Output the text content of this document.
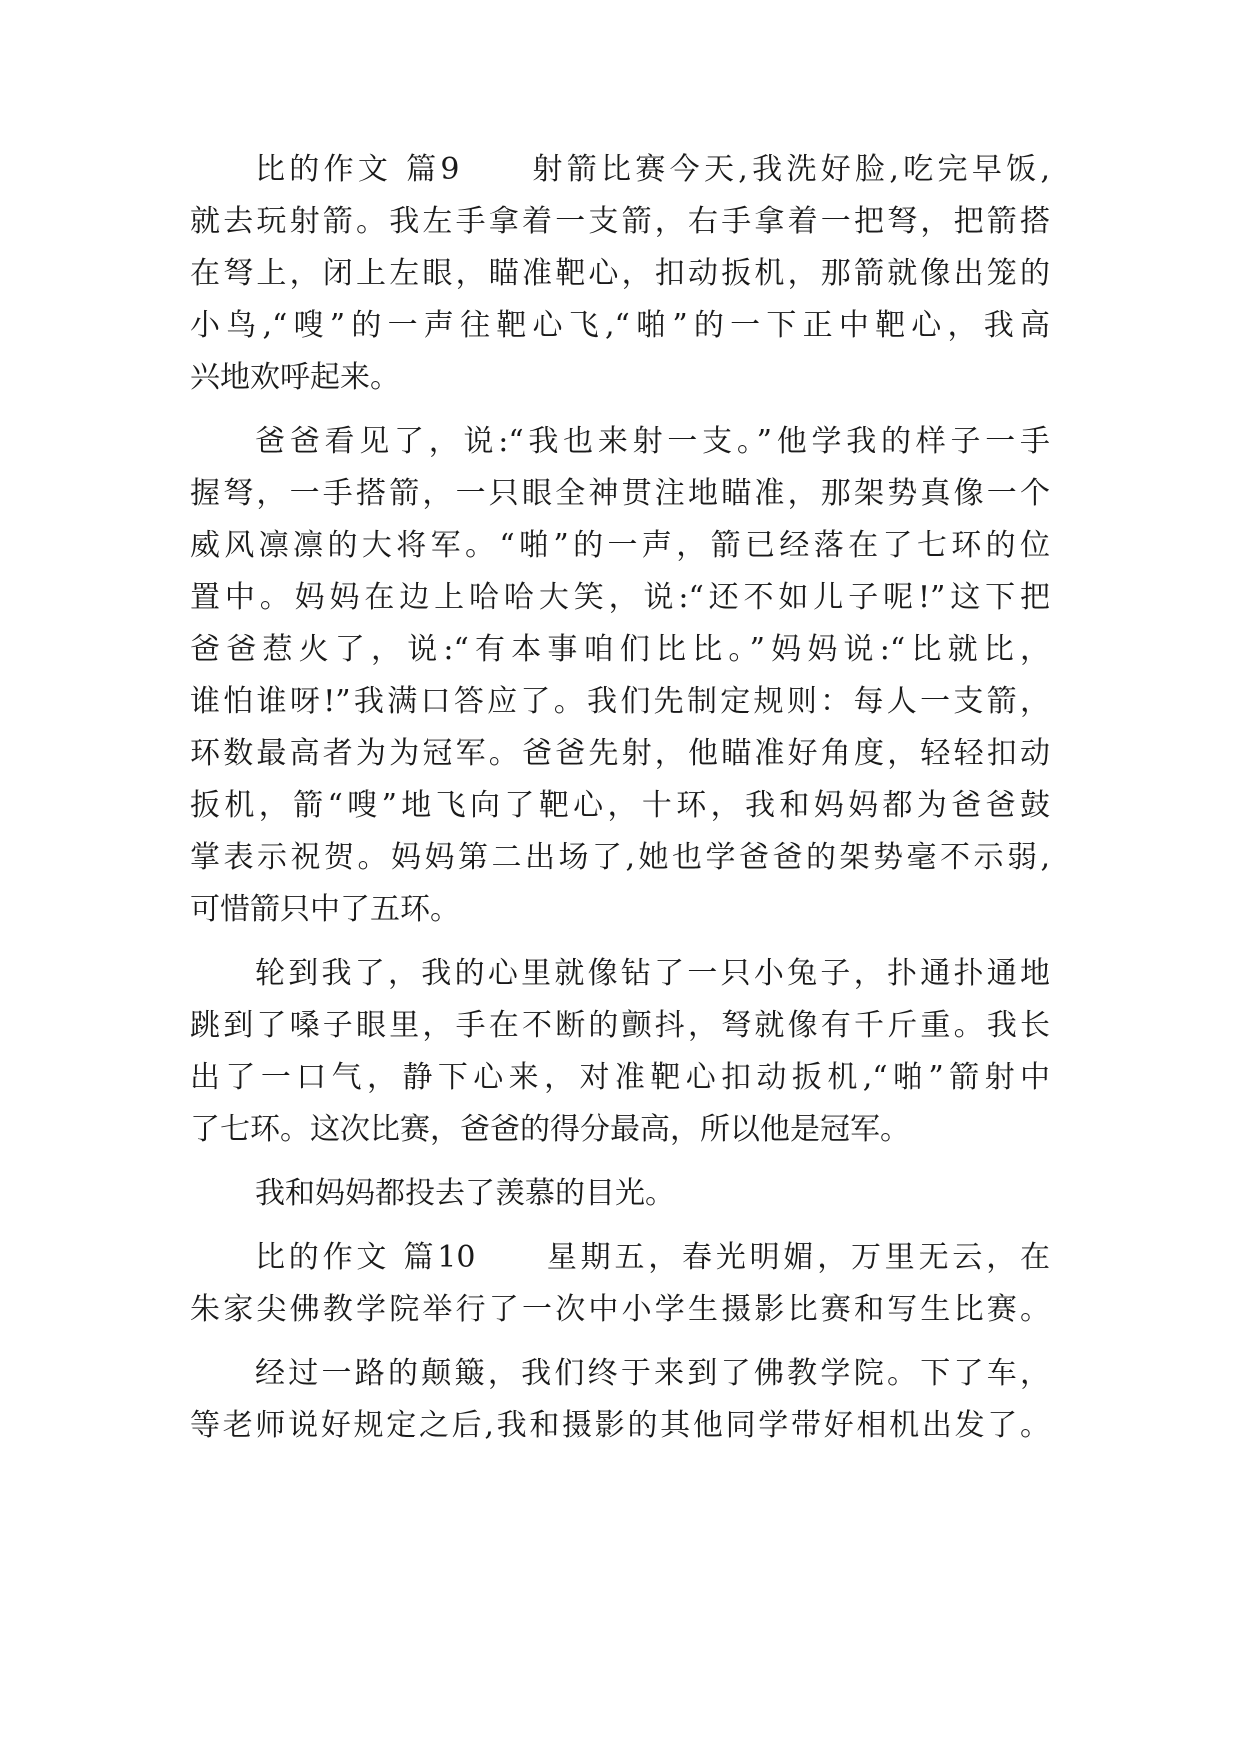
比的作文 篇9　　射箭比赛今天,我洗好脸,吃完早饭,
就去玩射箭。我左手拿着一支箭，右手拿着一把弩，把箭搭
在弩上，闭上左眼，瞄准靶心，扣动扳机，那箭就像出笼的
小鸟,“嗖”的一声往靶心飞,“啪”的一下正中靶心，我高
兴地欢呼起来。
爸爸看见了，说:“我也来射一支。”他学我的样子一手
握弩，一手搭箭，一只眼全神贯注地瞄准，那架势真像一个
威风凛凛的大将军。“啪”的一声，箭已经落在了七环的位
置中。妈妈在边上哈哈大笑，说:“还不如儿子呢!”这下把
爸爸惹火了，说:“有本事咱们比比。”妈妈说:“比就比，
谁怕谁呀!”我满口答应了。我们先制定规则：每人一支箭，
环数最高者为为冠军。爸爸先射，他瞄准好角度，轻轻扣动
扳机，箭“嗖”地飞向了靶心，十环，我和妈妈都为爸爸鼓
掌表示祝贺。妈妈第二出场了,她也学爸爸的架势毫不示弱,
可惜箭只中了五环。
轮到我了，我的心里就像钻了一只小兔子，扑通扑通地
跳到了嗓子眼里，手在不断的颤抖，弩就像有千斤重。我长
出了一口气，静下心来，对准靶心扣动扳机,“啪”箭射中
了七环。这次比赛，爸爸的得分最高，所以他是冠军。
我和妈妈都投去了羡慕的目光。
比的作文 篇10　　星期五，春光明媚，万里无云，在
朱家尖佛教学院举行了一次中小学生摄影比赛和写生比赛。
经过一路的颠簸，我们终于来到了佛教学院。下了车，
等老师说好规定之后,我和摄影的其他同学带好相机出发了。
